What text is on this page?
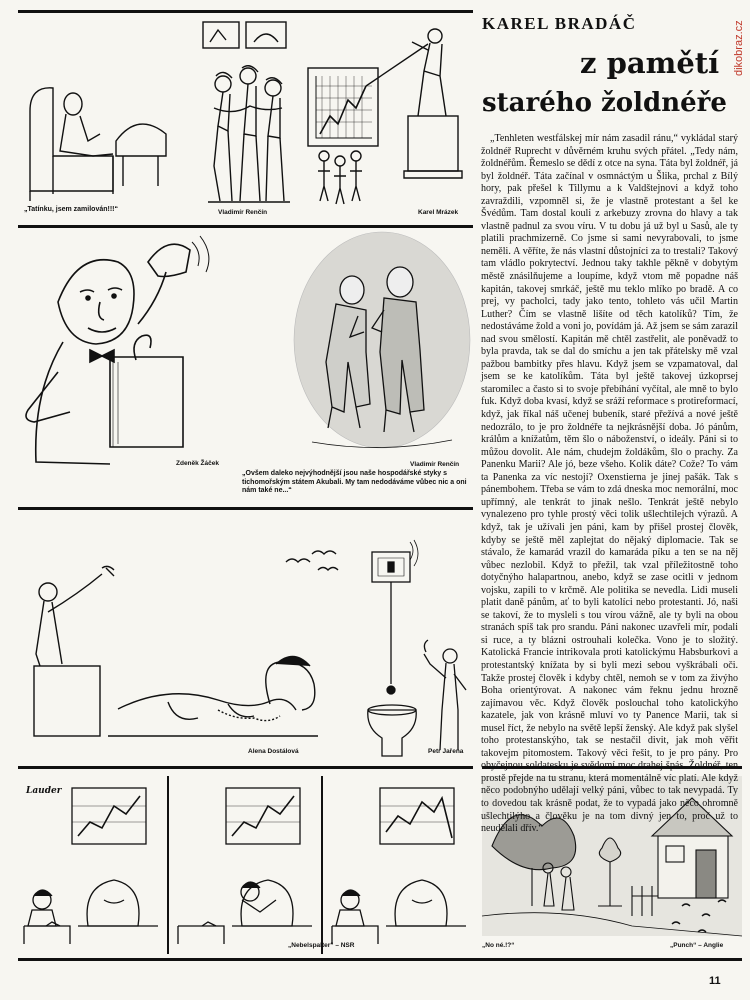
„Tatínku, jsem zamilován!!!“	Vladimír Renčín	Karel Mrázek
Zdeněk Žáček	Vladimír Renčín
„Ovšem daleko nejvýhodnější jsou naše hospodářské styky s tichomořským státem Akubali. My tam nedodáváme vůbec nic a oni nám také ne...“
Alena Dostálová	Petr Jařena
Lauder
„Nebelspalter“ – NSR	„No né.!?“	„Punch“ – Anglie
KAREL BRADÁČ
z pamětí
starého žoldnéře

„Tenhleten westfálskej mír nám zasadil ránu,“ vykládal starý žoldnéř Ruprecht v důvěrném kruhu svých přátel. „Tedy nám, žoldnéřům. Řemeslo se dědí z otce na syna. Táta byl žoldnéř, já byl žoldnéř. Táta začínal v osmnáctým u Šlika, prchal z Bílý hory, pak přešel k Tillymu a k Valdštejnovi a když toho zavraždili, vzpomněl si, že je vlastně protestant a šel ke Švédům. Tam dostal kouli z arkebuzy zrovna do hlavy a tak vlastně padnul za svou víru. V tu dobu já už byl u Sasů, ale ty platili prachmizerně. Co jsme si sami nevyrabovali, to jsme neměli. A věříte, že nás vlastní důstojníci za to trestali? Takový tam vládlo pokrytectví. Jednou taky takhle pěkně v dobytým městě znásilňujeme a loupíme, když vtom mě popadne náš kapitán, takovej smrkáč, ještě mu teklo mlíko po bradě. A co prej, vy pacholci, tady jako tento, tohleto vás učil Martin Luther? Čím se vlastně lišíte od těch katolíků? Tím, že nedostáváme žold a voni jo, povídám já. Až jsem se sám zarazil nad svou smělostí. Kapitán mě chtěl zastřelit, ale poněvadž to byla pravda, tak se dal do smíchu a jen tak přátelsky mě vzal pažbou bambitky přes hlavu. Když jsem se vzpamatoval, dal jsem se ke katolíkům. Táta byl ještě takovej úzkoprsej staromilec a často si to svoje přebíhání vyčítal, ale mně to bylo fuk. Když doba kvasí, když se sráží reformace s protireformací, když, jak říkal náš učenej bubeník, staré přežívá a nové ještě nedozrálo, to je pro žoldnéře ta nejkrásnější doba. Jó pánům, králům a knížatům, těm šlo o náboženství, o ideály. Páni si to můžou dovolit. Ale nám, chudejm žoldákům, šlo o prachy. Za Panenku Marii? Ale jó, beze všeho. Kolik dáte? Cože? To vám ta Panenka za víc nestojí? Oxenstierna je jinej pašák. Tak s pánembohem. Třeba se vám to zdá dneska moc nemorální, moc upřímný, ale tenkrát to jinak nešlo. Tenkrát ještě nebylo vynalezeno pro tyhle prostý věci tolik ušlechtilejch výrazů. A když, tak je užívali jen páni, kam by přišel prostej člověk, kdyby se ještě měl zaplejtat do nějaký diplomacie. Tak se stávalo, že kamarád vrazil do kamaráda píku a ten se na něj vůbec nezlobil. Když to přežil, tak vzal příležitostně toho dotyčnýho halapartnou, anebo, když se zase ocitli v jednom vojsku, zapili to v krčmě. Ale politika se nevedla. Lidi museli platit daně pánům, ať to byli katolíci nebo protestanti. Jó, naši se takoví, že to mysleli s tou vírou vážně, ale ty byli na obou stranách spíš tak pro srandu. Páni nakonec uzavřeli mír, podali si ruce, a ty blázni ostrouhali kolečka. Vono je to složitý. Katolická Francie intrikovala proti katolickýmu Habsburkovi a protestantský knížata by si byli mezi sebou vyškrábali oči. Takže prostej člověk i kdyby chtěl, nemoh se v tom za živýho Boha orientýrovat. A nakonec vám řeknu jednu hrozně zajímavou věc. Když člověk poslouchal toho katolickýho kazatele, jak von krásně mluví vo ty Panence Marii, tak si musel říct, že nebylo na světě lepší ženský. Ale když pak slyšel toho protestanskýho, tak se nestačil divit, jak moh věřit takovejm pitomostem. Takový věci řešit, to je pro pány. Pro obyčejnou soldatesku je svědomí moc drahej špás. Žoldnéř, ten prostě přejde na tu stranu, která momentálně víc platí. Ale když něco podobnýho udělají velký páni, vůbec to tak nevypadá. Ty to dovedou tak krásně podat, že to vypadá jako něco ohromně ušlechtilýho a člověku je na tom divný jen to, proč už to neudělali dřív.“

dikobraz.cz
11
